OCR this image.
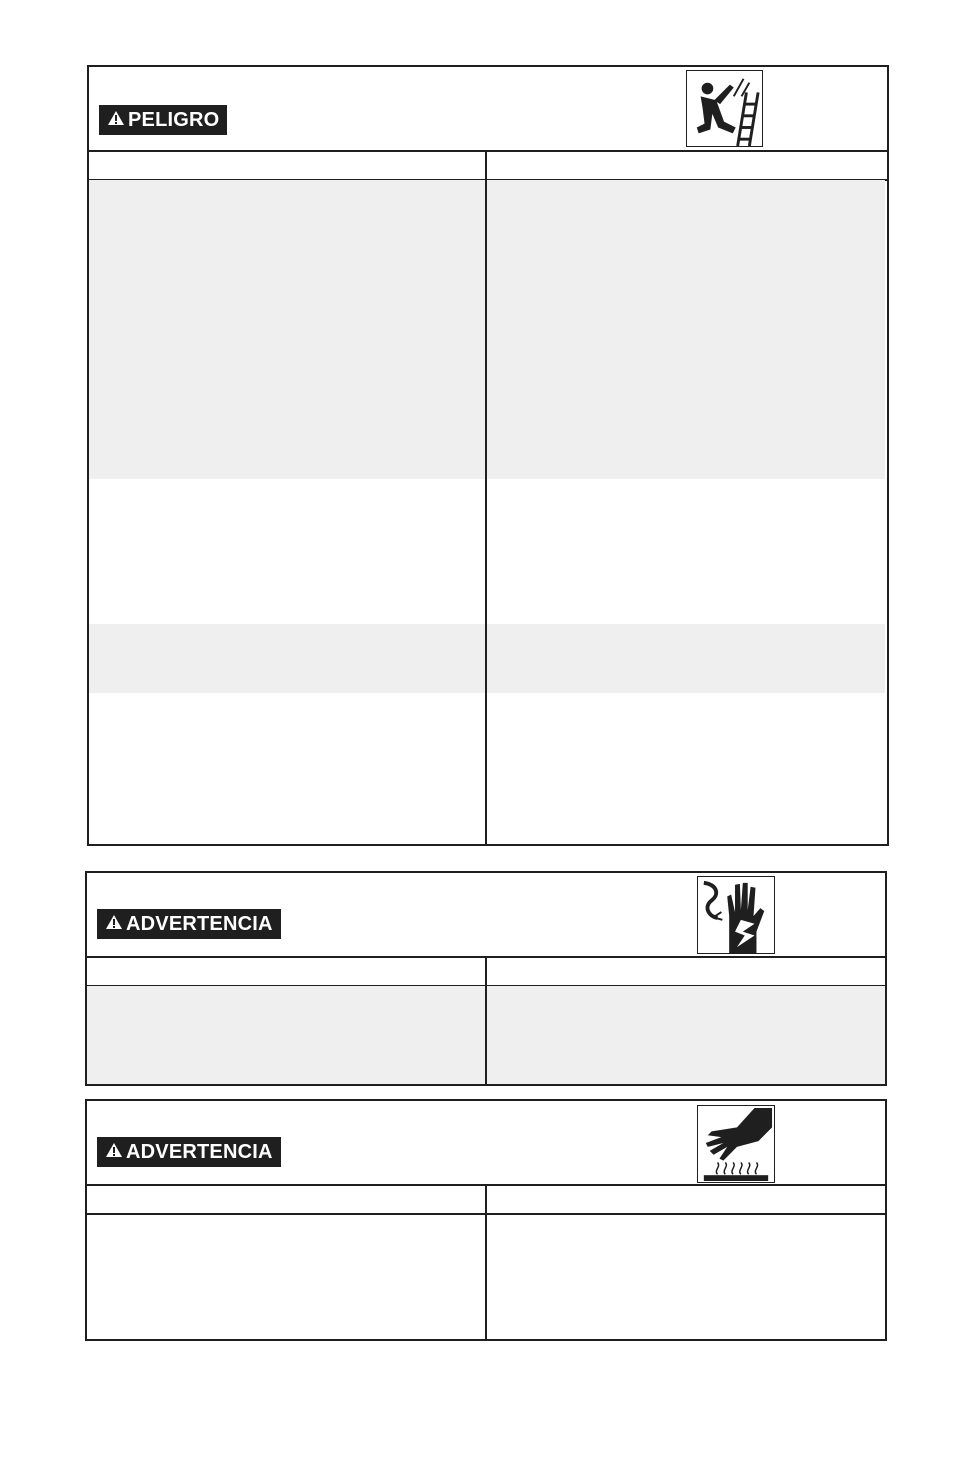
PELIGRO
ADVERTENCIA
ADVERTENCIA
